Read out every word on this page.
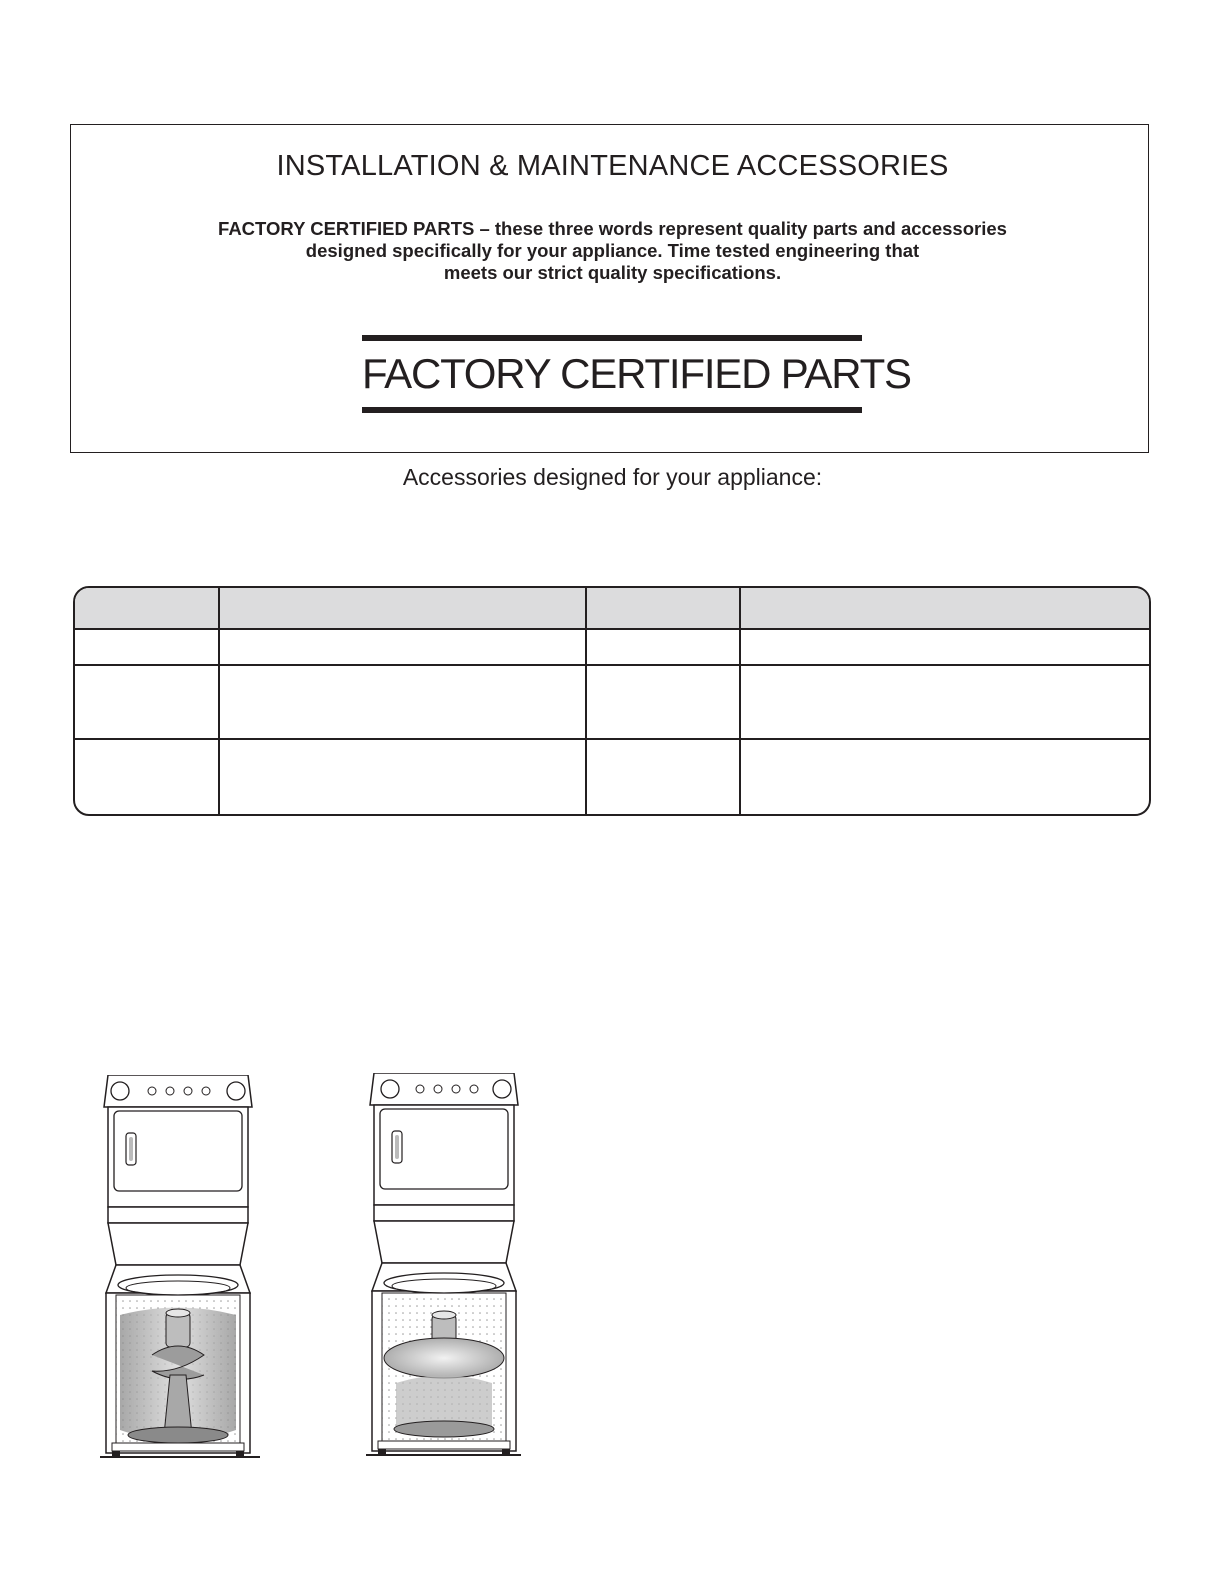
INSTALLATION & MAINTENANCE ACCESSORIES
FACTORY CERTIFIED PARTS – these three words represent quality parts and accessories
designed specifically for your appliance. Time tested engineering that
meets our strict quality specifications.
FACTORY CERTIFIED PARTS
Accessories designed for your appliance:
